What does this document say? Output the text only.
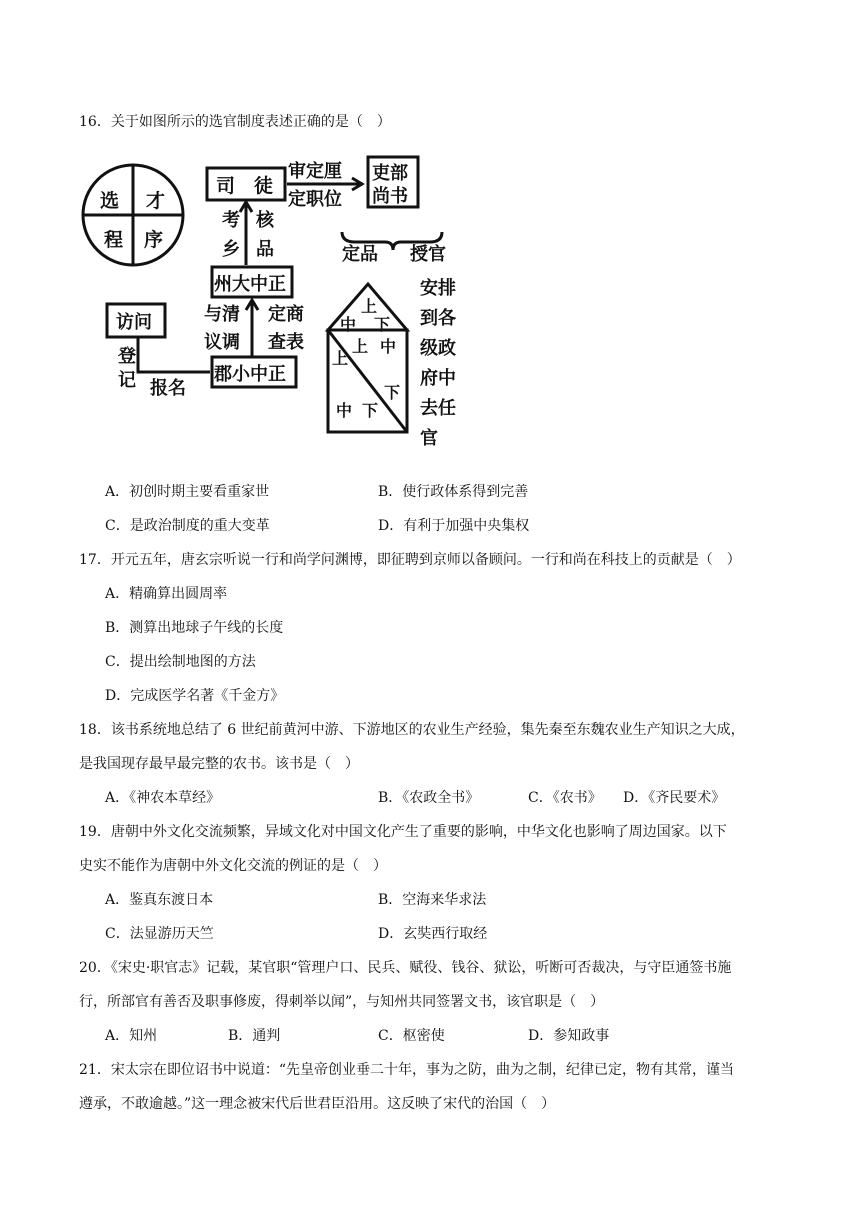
16．关于如图所示的选官制度表述正确的是（　）
选 才
程 序
司　徒
审定厘
定职位
吏部
尚书
考 核
乡 品	定品 授官
州大中正
与清
议调
定商
查表
访问
登
记 报名
郡小中正
上
中 下
上
上 中
下
中 下
安排
到各
级政
府中
去任
官
A．初创时期主要看重家世	B．使行政体系得到完善
C．是政治制度的重大变革	D．有利于加强中央集权
17．开元五年，唐玄宗听说一行和尚学问渊博，即征聘到京师以备顾问。一行和尚在科技上的贡献是（　）
A．精确算出圆周率
B．测算出地球子午线的长度
C．提出绘制地图的方法
D．完成医学名著《千金方》
18．该书系统地总结了 6 世纪前黄河中游、下游地区的农业生产经验，集先秦至东魏农业生产知识之大成，
是我国现存最早最完整的农书。该书是（　）
A．《神农本草经》	B．《农政全书》	C．《农书》 D．《齐民要术》
19．唐朝中外文化交流频繁，异域文化对中国文化产生了重要的影响，中华文化也影响了周边国家。以下
史实不能作为唐朝中外文化交流的例证的是（　）
A．鉴真东渡日本	B．空海来华求法
C．法显游历天竺	D．玄奘西行取经
20．《宋史·职官志》记载，某官职“管理户口、民兵、赋役、钱谷、狱讼，听断可否裁决，与守臣通签书施
行，所部官有善否及职事修废，得刺举以闻”，与知州共同签署文书，该官职是（　）
A．知州	B．通判	C．枢密使	D．参知政事
21．宋太宗在即位诏书中说道：“先皇帝创业垂二十年，事为之防，曲为之制，纪律已定，物有其常，谨当
遵承，不敢逾越。”这一理念被宋代后世君臣沿用。这反映了宋代的治国（　）
